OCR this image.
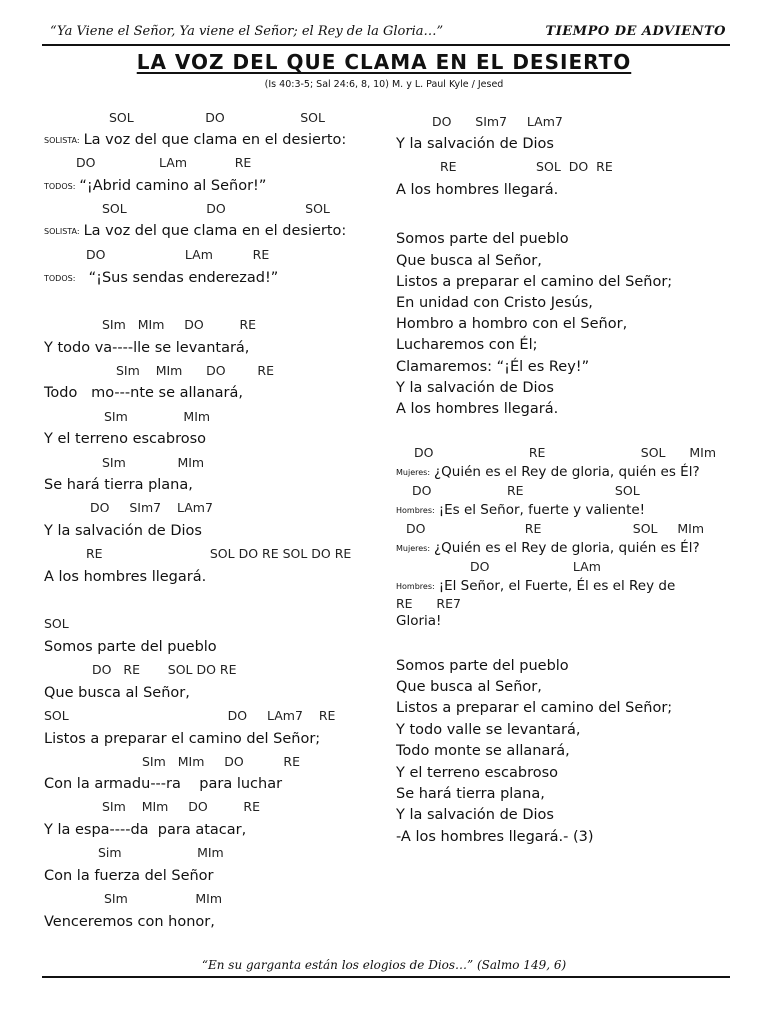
“Ya Viene el Señor, Ya viene el Señor; el Rey de la Gloria…”	TIEMPO DE ADVIENTO
LA VOZ DEL QUE CLAMA EN EL DESIERTO
(Is 40:3-5; Sal 24:6, 8, 10) M. y L. Paul Kyle / Jesed
SOL                  DO                   SOL
SOLISTA: La voz del que clama en el desierto:
DO                LAm            RE
TODOS: “¡Abrid camino al Señor!”
SOL                    DO                    SOL
SOLISTA: La voz del que clama en el desierto:
DO                    LAm          RE
TODOS:  “¡Sus sendas enderezad!”
SIm   MIm     DO         RE
Y todo va----lle se levantará,
SIm    MIm      DO        RE
Todo   mo---nte se allanará,
SIm              MIm
Y el terreno escabroso
SIm             MIm
Se hará tierra plana,
DO     SIm7    LAm7
Y la salvación de Dios
RE                           SOL DO RE SOL DO RE
A los hombres llegará.
SOL
Somos parte del pueblo
DO   RE       SOL DO RE
Que busca al Señor,
SOL                                        DO     LAm7    RE
Listos a preparar el camino del Señor;
SIm   MIm     DO          RE
Con la armadu---ra    para luchar
SIm    MIm     DO         RE
Y la espa----da  para atacar,
Sim                   MIm
Con la fuerza del Señor
SIm                 MIm
Venceremos con honor,
DO      SIm7     LAm7
Y la salvación de Dios
RE                    SOL  DO  RE
A los hombres llegará.
Somos parte del pueblo
Que busca al Señor,
Listos a preparar el camino del Señor;
En unidad con Cristo Jesús,
Hombro a hombro con el Señor,
Lucharemos con Él;
Clamaremos: “¡Él es Rey!”
Y la salvación de Dios
A los hombres llegará.
DO                        RE                        SOL      MIm
Mujeres: ¿Quién es el Rey de gloria, quién es Él?
DO                   RE                       SOL
Hombres: ¡Es el Señor, fuerte y valiente!
DO                         RE                       SOL     MIm
Mujeres: ¿Quién es el Rey de gloria, quién es Él?
DO                     LAm
Hombres: ¡El Señor, el Fuerte, Él es el Rey de
RE      RE7
Gloria!
Somos parte del pueblo
Que busca al Señor,
Listos a preparar el camino del Señor;
Y todo valle se levantará,
Todo monte se allanará,
Y el terreno escabroso
Se hará tierra plana,
Y la salvación de Dios
-A los hombres llegará.- (3)
“En su garganta están los elogios de Dios…” (Salmo 149, 6)
